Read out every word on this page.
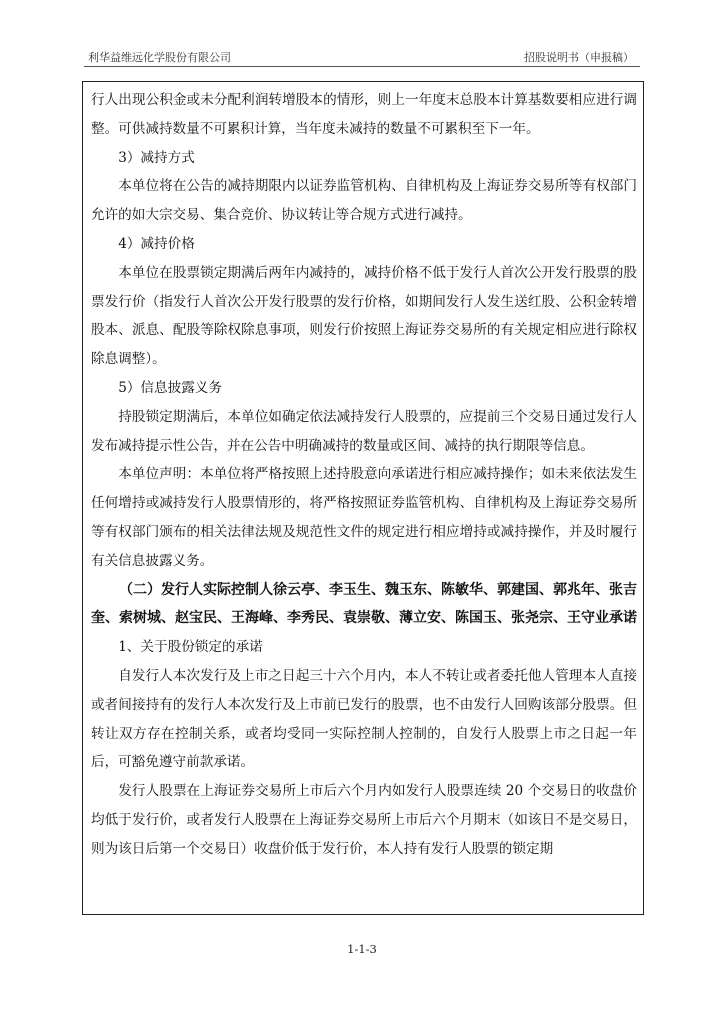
利华益维远化学股份有限公司	招股说明书（申报稿）

行人出现公积金或未分配利润转增股本的情形，则上一年度末总股本计算基数要相应进行调整。可供减持数量不可累积计算，当年度未减持的数量不可累积至下一年。

3）减持方式

本单位将在公告的减持期限内以证券监管机构、自律机构及上海证券交易所等有权部门允许的如大宗交易、集合竞价、协议转让等合规方式进行减持。

4）减持价格

本单位在股票锁定期满后两年内减持的，减持价格不低于发行人首次公开发行股票的股票发行价（指发行人首次公开发行股票的发行价格，如期间发行人发生送红股、公积金转增股本、派息、配股等除权除息事项，则发行价按照上海证券交易所的有关规定相应进行除权除息调整）。

5）信息披露义务

持股锁定期满后，本单位如确定依法减持发行人股票的，应提前三个交易日通过发行人发布减持提示性公告，并在公告中明确减持的数量或区间、减持的执行期限等信息。

本单位声明：本单位将严格按照上述持股意向承诺进行相应减持操作；如未来依法发生任何增持或减持发行人股票情形的，将严格按照证券监管机构、自律机构及上海证券交易所等有权部门颁布的相关法律法规及规范性文件的规定进行相应增持或减持操作，并及时履行有关信息披露义务。

（二）发行人实际控制人徐云亭、李玉生、魏玉东、陈敏华、郭建国、郭兆年、张吉奎、索树城、赵宝民、王海峰、李秀民、袁崇敬、薄立安、陈国玉、张尧宗、王守业承诺

1、关于股份锁定的承诺

自发行人本次发行及上市之日起三十六个月内，本人不转让或者委托他人管理本人直接或者间接持有的发行人本次发行及上市前已发行的股票，也不由发行人回购该部分股票。但转让双方存在控制关系，或者均受同一实际控制人控制的，自发行人股票上市之日起一年后，可豁免遵守前款承诺。

发行人股票在上海证券交易所上市后六个月内如发行人股票连续 20 个交易日的收盘价均低于发行价，或者发行人股票在上海证券交易所上市后六个月期末（如该日不是交易日，则为该日后第一个交易日）收盘价低于发行价，本人持有发行人股票的锁定期

1-1-3
